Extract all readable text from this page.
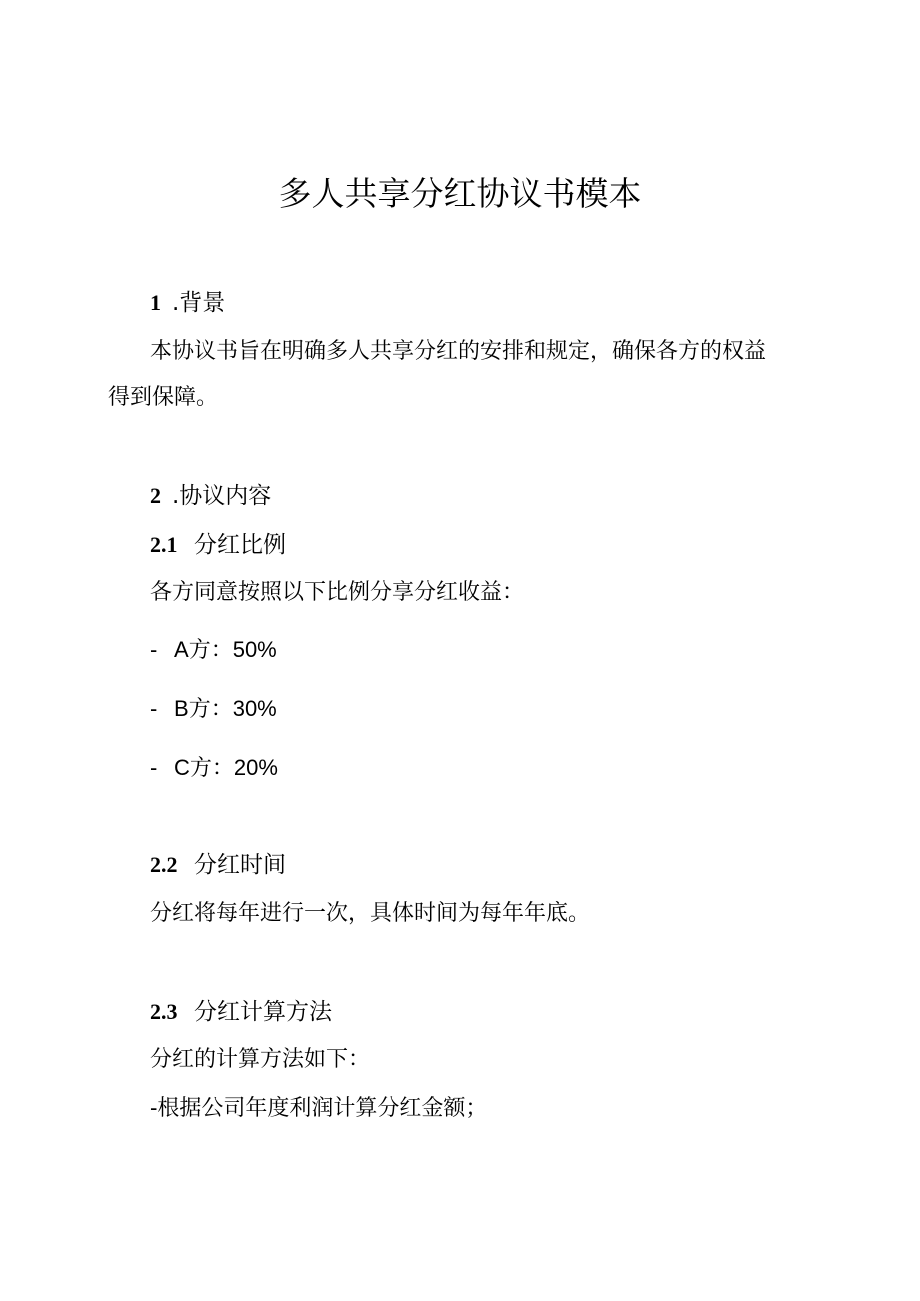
多人共享分红协议书模本
1 .背景
本协议书旨在明确多人共享分红的安排和规定，确保各方的权益
得到保障。
2 .协议内容
2.1 分红比例
各方同意按照以下比例分享分红收益：
- A方：50%
- B方：30%
- C方：20%
2.2 分红时间
分红将每年进行一次，具体时间为每年年底。
2.3 分红计算方法
分红的计算方法如下：
-根据公司年度利润计算分红金额；
